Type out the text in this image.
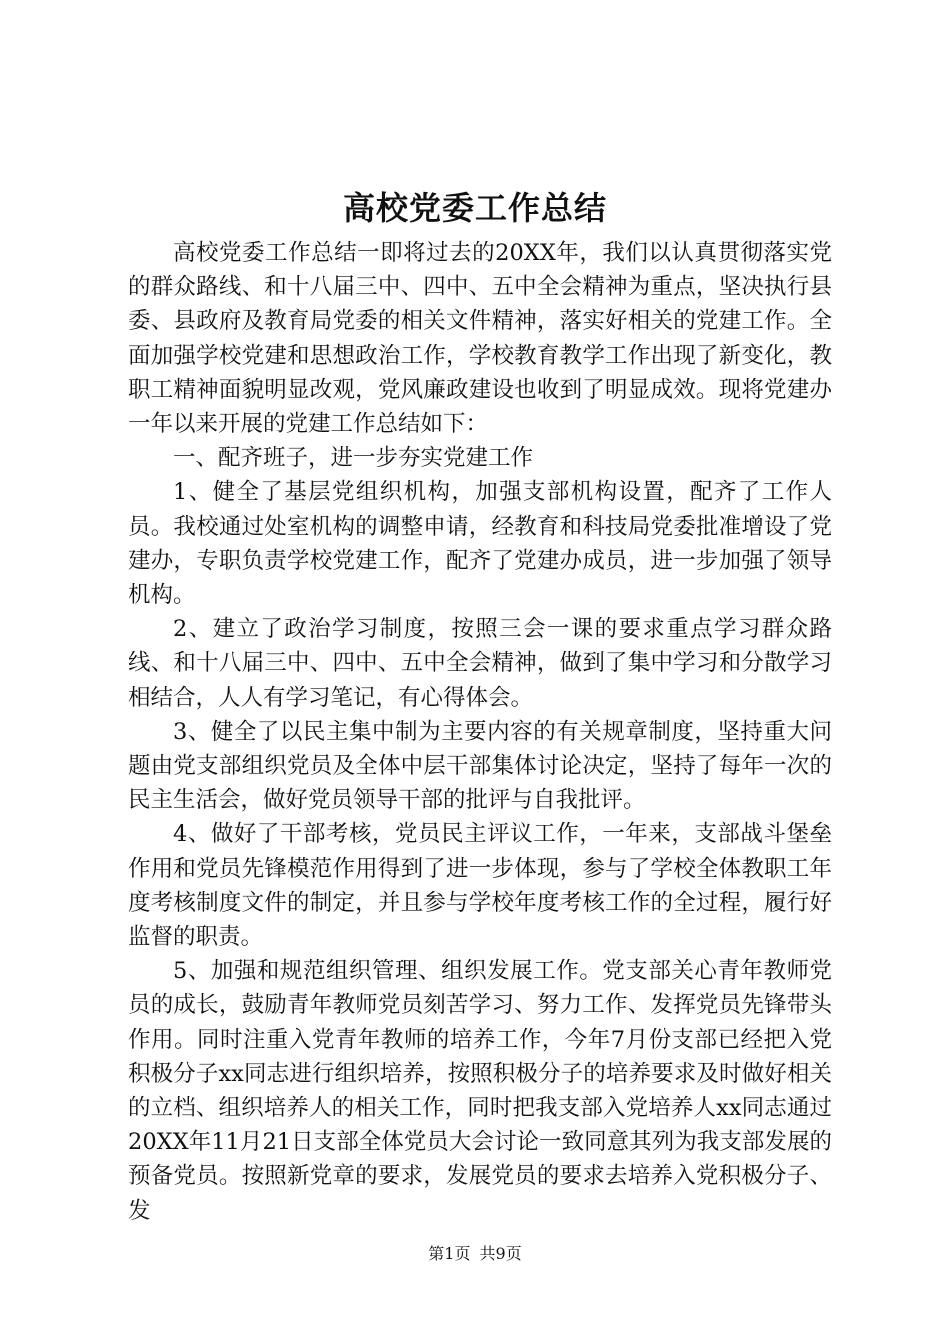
高校党委工作总结

高校党委工作总结一即将过去的20XX年，我们以认真贯彻落实党的群众路线、和十八届三中、四中、五中全会精神为重点，坚决执行县委、县政府及教育局党委的相关文件精神，落实好相关的党建工作。全面加强学校党建和思想政治工作，学校教育教学工作出现了新变化，教职工精神面貌明显改观，党风廉政建设也收到了明显成效。现将党建办一年以来开展的党建工作总结如下：

一、配齐班子，进一步夯实党建工作

1、健全了基层党组织机构，加强支部机构设置，配齐了工作人员。我校通过处室机构的调整申请，经教育和科技局党委批准增设了党建办，专职负责学校党建工作，配齐了党建办成员，进一步加强了领导机构。

2、建立了政治学习制度，按照三会一课的要求重点学习群众路线、和十八届三中、四中、五中全会精神，做到了集中学习和分散学习相结合，人人有学习笔记，有心得体会。

3、健全了以民主集中制为主要内容的有关规章制度，坚持重大问题由党支部组织党员及全体中层干部集体讨论决定，坚持了每年一次的民主生活会，做好党员领导干部的批评与自我批评。

4、做好了干部考核，党员民主评议工作，一年来，支部战斗堡垒作用和党员先锋模范作用得到了进一步体现，参与了学校全体教职工年度考核制度文件的制定，并且参与学校年度考核工作的全过程，履行好监督的职责。

5、加强和规范组织管理、组织发展工作。党支部关心青年教师党员的成长，鼓励青年教师党员刻苦学习、努力工作、发挥党员先锋带头作用。同时注重入党青年教师的培养工作，今年7月份支部已经把入党积极分子xx同志进行组织培养，按照积极分子的培养要求及时做好相关的立档、组织培养人的相关工作，同时把我支部入党培养人xx同志通过20XX年11月21日支部全体党员大会讨论一致同意其列为我支部发展的预备党员。按照新党章的要求，发展党员的要求去培养入党积极分子、发

第1页 共9页
